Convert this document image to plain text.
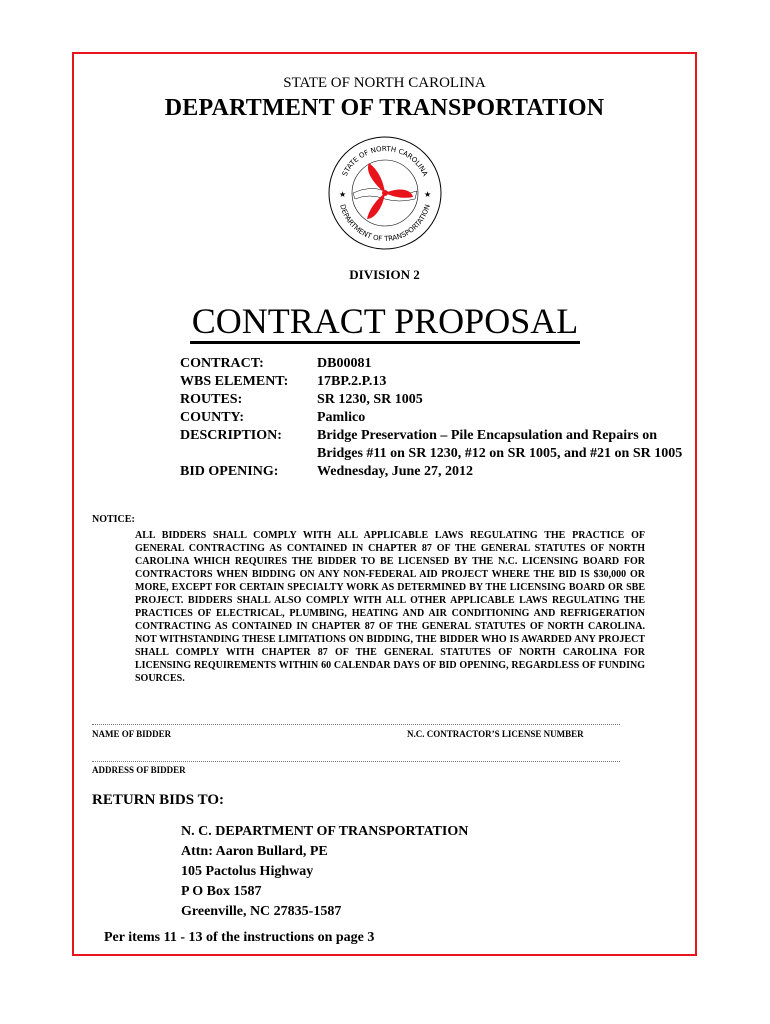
STATE OF NORTH CAROLINA
DEPARTMENT OF TRANSPORTATION
STATE OF NORTH CAROLINA
DEPARTMENT OF TRANSPORTATION
★	★
DIVISION 2
CONTRACT PROPOSAL
CONTRACT:	DB00081
WBS ELEMENT:	17BP.2.P.13
ROUTES:	SR 1230, SR 1005
COUNTY:	Pamlico
DESCRIPTION:	Bridge Preservation – Pile Encapsulation and Repairs on Bridges #11 on SR 1230, #12 on SR 1005, and #21 on SR 1005
BID OPENING:	Wednesday, June 27, 2012
NOTICE:
ALL BIDDERS SHALL COMPLY WITH ALL APPLICABLE LAWS REGULATING THE PRACTICE OF GENERAL CONTRACTING AS CONTAINED IN CHAPTER 87 OF THE GENERAL STATUTES OF NORTH CAROLINA WHICH REQUIRES THE BIDDER TO BE LICENSED BY THE N.C. LICENSING BOARD FOR CONTRACTORS WHEN BIDDING ON ANY NON-FEDERAL AID PROJECT WHERE THE BID IS $30,000 OR MORE, EXCEPT FOR CERTAIN SPECIALTY WORK AS DETERMINED BY THE LICENSING BOARD OR SBE PROJECT. BIDDERS SHALL ALSO COMPLY WITH ALL OTHER APPLICABLE LAWS REGULATING THE PRACTICES OF ELECTRICAL, PLUMBING, HEATING AND AIR CONDITIONING AND REFRIGERATION CONTRACTING AS CONTAINED IN CHAPTER 87 OF THE GENERAL STATUTES OF NORTH CAROLINA. NOT WITHSTANDING THESE LIMITATIONS ON BIDDING, THE BIDDER WHO IS AWARDED ANY PROJECT SHALL COMPLY WITH CHAPTER 87 OF THE GENERAL STATUTES OF NORTH CAROLINA FOR LICENSING REQUIREMENTS WITHIN 60 CALENDAR DAYS OF BID OPENING, REGARDLESS OF FUNDING SOURCES.
NAME OF BIDDER	N.C. CONTRACTOR’S LICENSE NUMBER
ADDRESS OF BIDDER
RETURN BIDS TO:
N. C. DEPARTMENT OF TRANSPORTATION
Attn: Aaron Bullard, PE
105 Pactolus Highway
P O Box 1587
Greenville, NC 27835-1587
Per items 11 - 13 of the instructions on page 3
